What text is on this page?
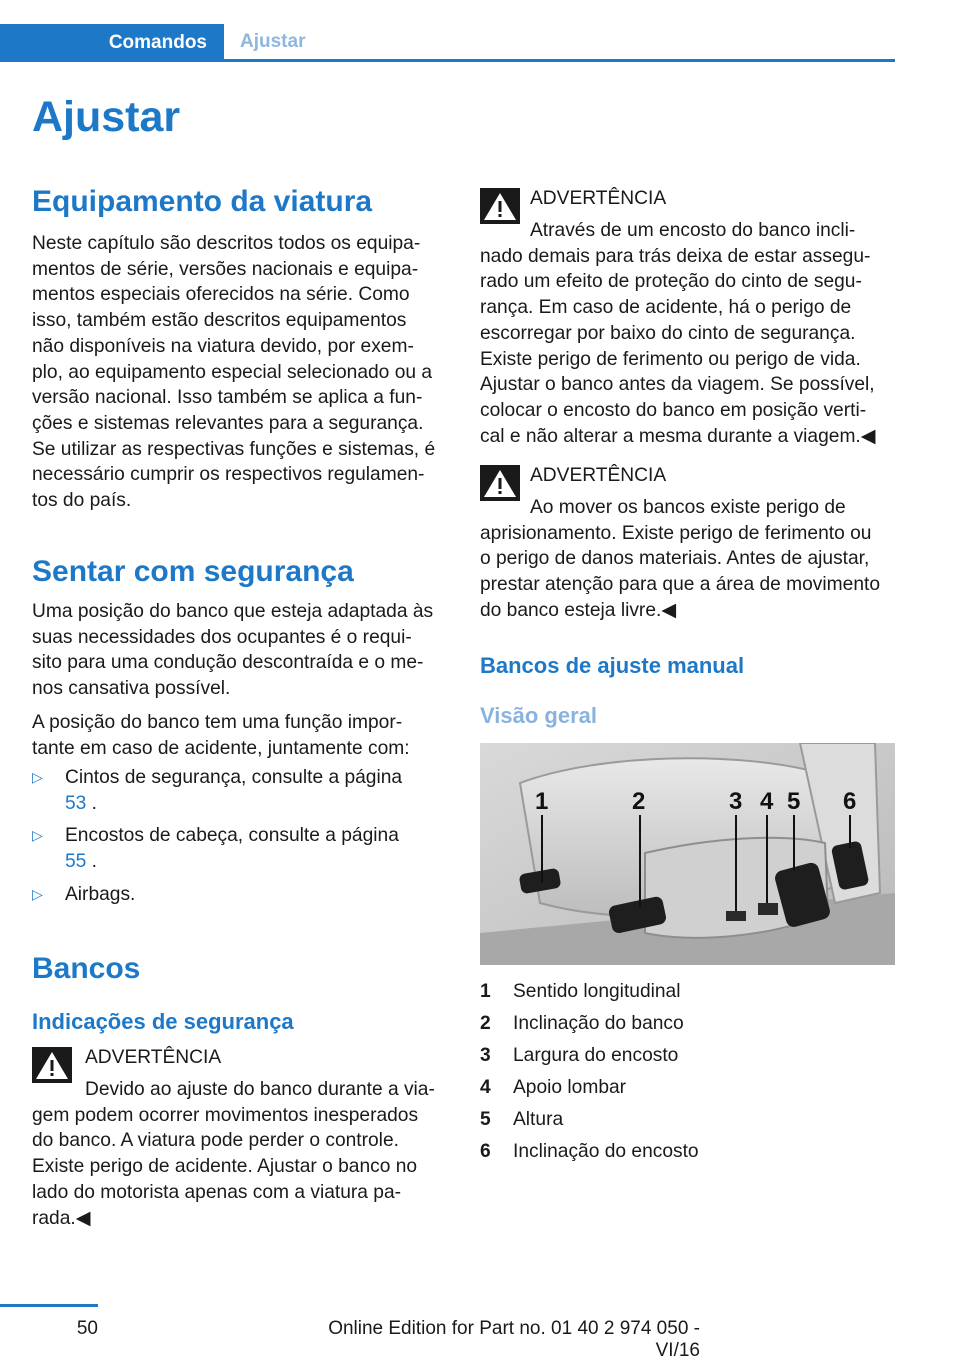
Comandos	Ajustar
Ajustar
Equipamento da viatura
Neste capítulo são descritos todos os equipa‐
mentos de série, versões nacionais e equipa‐
mentos especiais oferecidos na série. Como
isso, também estão descritos equipamentos
não disponíveis na viatura devido, por exem‐
plo, ao equipamento especial selecionado ou a
versão nacional. Isso também se aplica a fun‐
ções e sistemas relevantes para a segurança.
Se utilizar as respectivas funções e sistemas, é
necessário cumprir os respectivos regulamen‐
tos do país.
Sentar com segurança
Uma posição do banco que esteja adaptada às
suas necessidades dos ocupantes é o requi‐
sito para uma condução descontraída e o me‐
nos cansativa possível.
A posição do banco tem uma função impor‐
tante em caso de acidente, juntamente com:
▷ Cintos de segurança, consulte a página
53 .
▷ Encostos de cabeça, consulte a página
55 .
▷ Airbags.
Bancos
Indicações de segurança
ADVERTÊNCIA
Devido ao ajuste do banco durante a via‐
gem podem ocorrer movimentos inesperados
do banco. A viatura pode perder o controle.
Existe perigo de acidente. Ajustar o banco no
lado do motorista apenas com a viatura pa‐
rada.◀
ADVERTÊNCIA
Através de um encosto do banco incli‐
nado demais para trás deixa de estar assegu‐
rado um efeito de proteção do cinto de segu‐
rança. Em caso de acidente, há o perigo de
escorregar por baixo do cinto de segurança.
Existe perigo de ferimento ou perigo de vida.
Ajustar o banco antes da viagem. Se possível,
colocar o encosto do banco em posição verti‐
cal e não alterar a mesma durante a viagem.◀
ADVERTÊNCIA
Ao mover os bancos existe perigo de
aprisionamento. Existe perigo de ferimento ou
o perigo de danos materiais. Antes de ajustar,
prestar atenção para que a área de movimento
do banco esteja livre.◀
Bancos de ajuste manual
Visão geral
1	2	3 4 5 6
1	Sentido longitudinal
2	Inclinação do banco
3	Largura do encosto
4	Apoio lombar
5	Altura
6	Inclinação do encosto
50	Online Edition for Part no. 01 40 2 974 050 - VI/16
